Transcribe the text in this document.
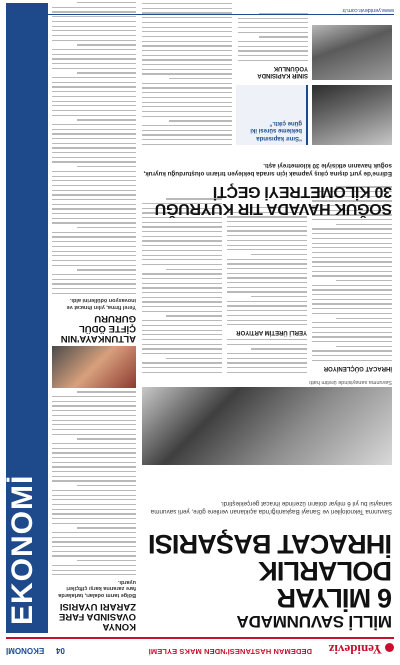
Yenideviz
DEDEMAN HASTANESİ'NDEN MAKS EYLEMİ
04
EKONOMİ
MİLLİ SAVUNMADA
6 MİLYAR DOLARLIK
İHRACAT BAŞARISI
Savunma Teknolojileri ve Sanayi Başkanlığı'nda açıklanan verilere göre, yerli savunma sanayisi bu yıl 6 milyar doların üzerinde ihracat gerçekleştirdi.
Savunma sanayisinde üretim hattı
İHRACAT GÜÇLENİYOR
YERLİ ÜRETİM ARTIYOR
SOĞUK HAVADA TIR KUYRUĞU 30 KİLOMETREYİ GEÇTİ
Edirne'de yurt dışına çıkış yapmak için sırada bekleyen tırların oluşturduğu kuyruk, soğuk havanın etkisiyle 30 kilometreyi aştı.
“Sınır kapısında bekleme süresi iki güne çıktı.”
SINIR KAPISINDA YOĞUNLUK
KONYA OVASINDA FARE ZARARI UYARISI
Bölge tarım odaları, tarlalarda fare zararına karşı çiftçileri uyardı.
ALTUNKAYA'NIN ÇİFTE ÖDÜL GURURU
Yerel firma, yılın ihracat ve inovasyon ödüllerini aldı.
EKONOMİ
www.yenidevir.com.tr
